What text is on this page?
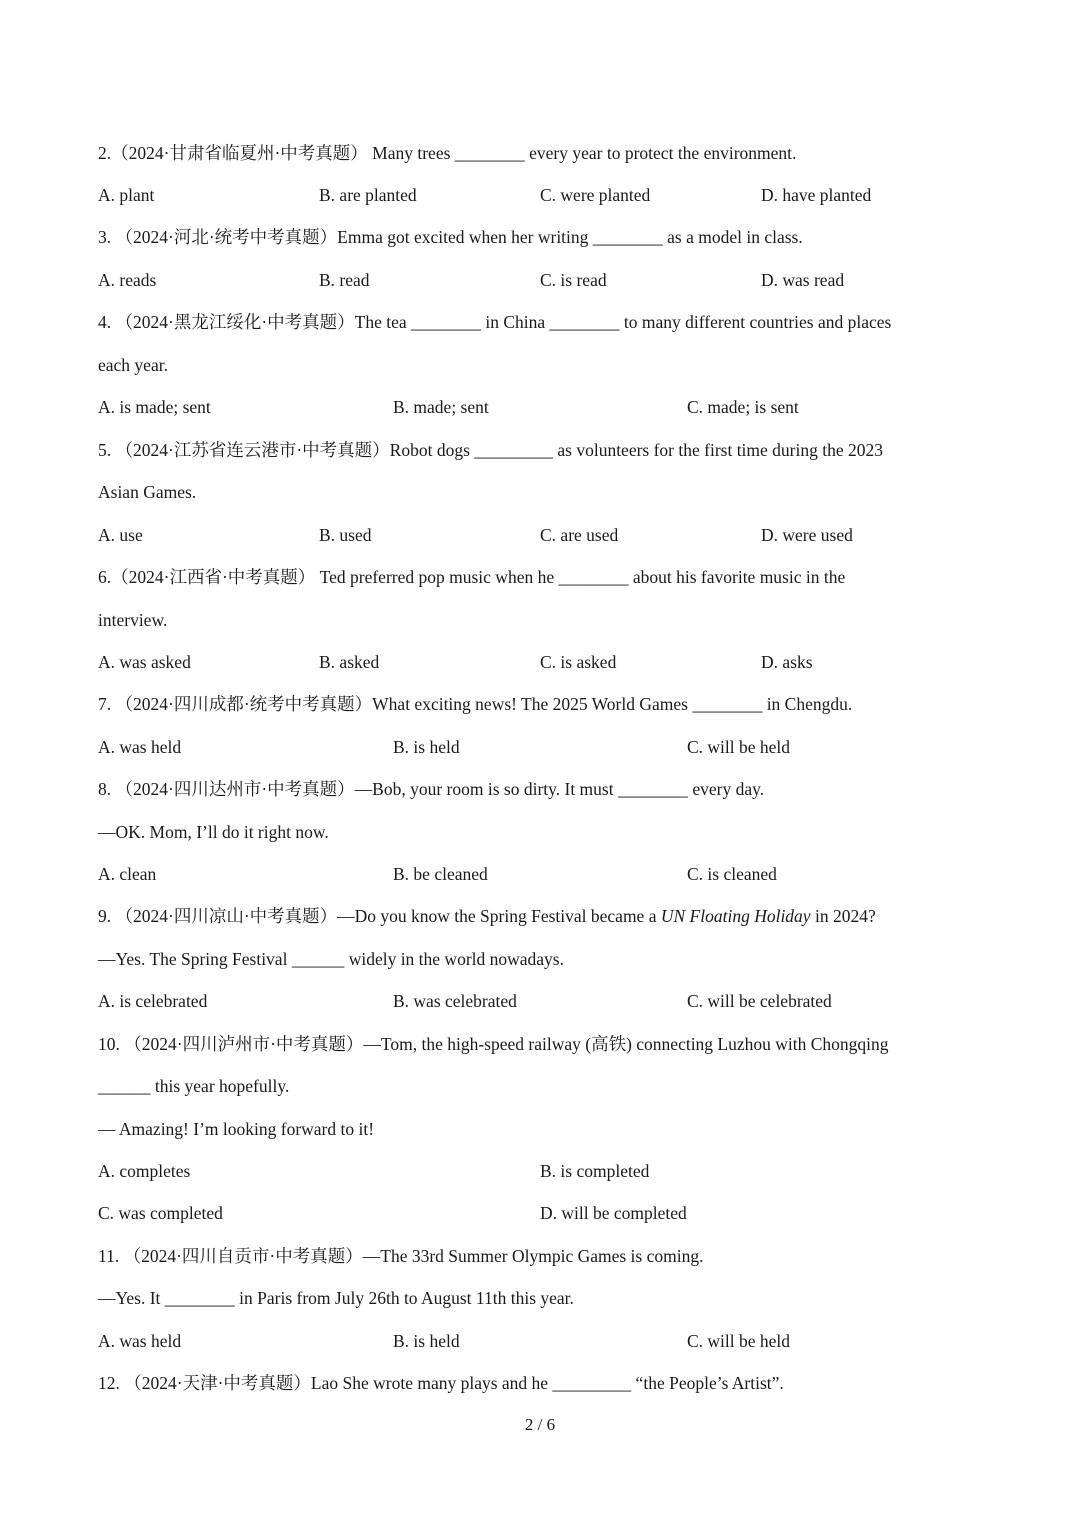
2.（2024·甘肃省临夏州·中考真题） Many trees ________ every year to protect the environment.
A. plant	B. are planted	C. were planted	D. have planted
3. （2024·河北·统考中考真题）Emma got excited when her writing ________ as a model in class.
A. reads	B. read	C. is read	D. was read
4. （2024·黑龙江绥化·中考真题）The tea ________ in China ________ to many different countries and places
each year.
A. is made; sent	B. made; sent	C. made; is sent
5. （2024·江苏省连云港市·中考真题）Robot dogs _________ as volunteers for the first time during the 2023
Asian Games.
A. use	B. used	C. are used	D. were used
6.（2024·江西省·中考真题） Ted preferred pop music when he ________ about his favorite music in the
interview.
A. was asked	B. asked	C. is asked	D. asks
7. （2024·四川成都·统考中考真题）What exciting news! The 2025 World Games ________ in Chengdu.
A. was held	B. is held	C. will be held
8. （2024·四川达州市·中考真题）—Bob, your room is so dirty. It must ________ every day.
—OK. Mom, I’ll do it right now.
A. clean	B. be cleaned	C. is cleaned
9. （2024·四川凉山·中考真题）—Do you know the Spring Festival became a UN Floating Holiday in 2024?
—Yes. The Spring Festival ______ widely in the world nowadays.
A. is celebrated	B. was celebrated	C. will be celebrated
10. （2024·四川泸州市·中考真题）—Tom, the high-speed railway (高铁) connecting Luzhou with Chongqing
______ this year hopefully.
— Amazing! I’m looking forward to it!
A. completes	B. is completed
C. was completed	D. will be completed
11. （2024·四川自贡市·中考真题）—The 33rd Summer Olympic Games is coming.
—Yes. It ________ in Paris from July 26th to August 11th this year.
A. was held	B. is held	C. will be held
12. （2024·天津·中考真题）Lao She wrote many plays and he _________ “the People’s Artist”.
2 / 6
